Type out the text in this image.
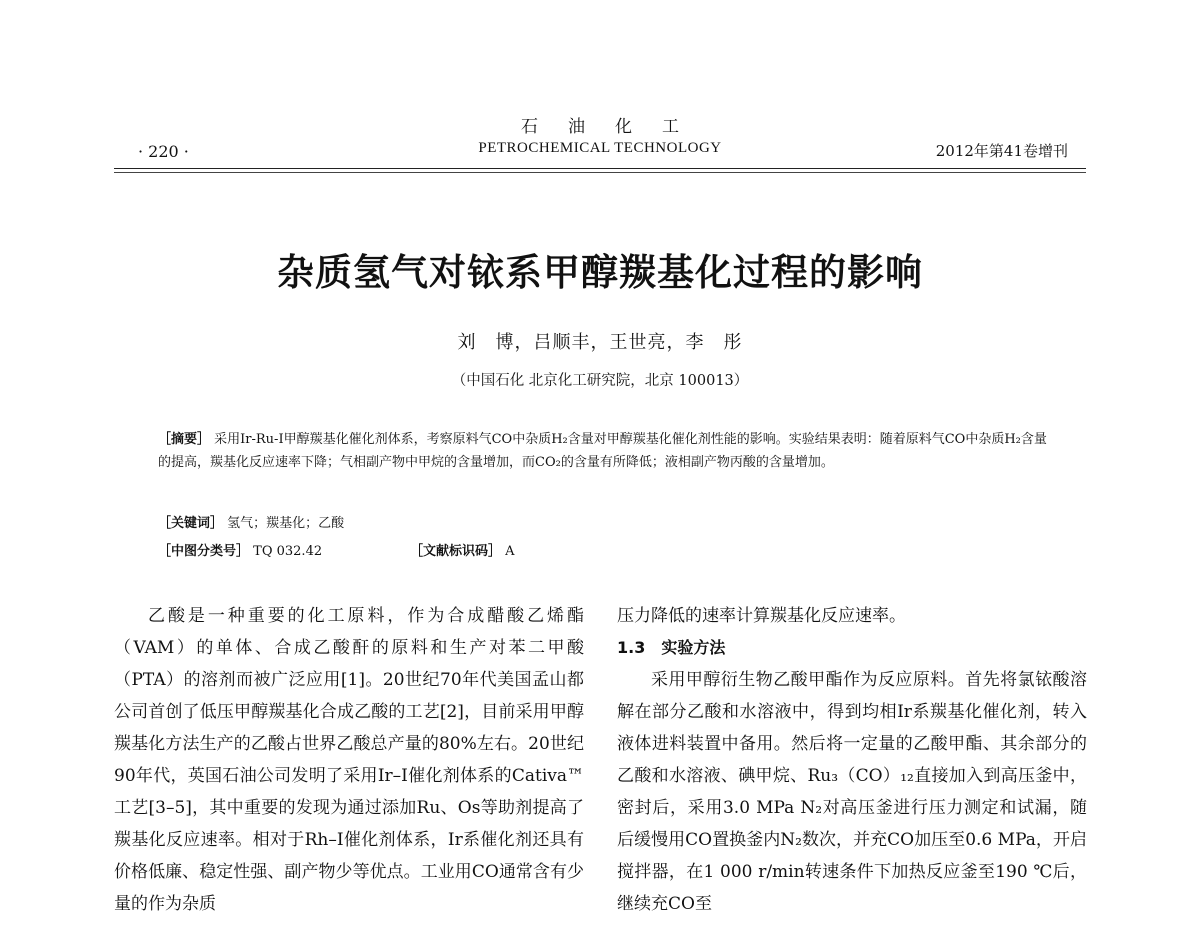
石油化工
· 220 ·	PETROCHEMICAL TECHNOLOGY	2012年第41卷增刊
杂质氢气对铱系甲醇羰基化过程的影响
刘　博，吕顺丰，王世亮，李　彤
（中国石化 北京化工研究院，北京 100013）
［摘要］ 采用Ir-Ru-I甲醇羰基化催化剂体系，考察原料气CO中杂质H₂含量对甲醇羰基化催化剂性能的影响。实验结果表明：随着原料气CO中杂质H₂含量的提高，羰基化反应速率下降；气相副产物中甲烷的含量增加，而CO₂的含量有所降低；液相副产物丙酸的含量增加。
［关键词］ 氢气；羰基化；乙酸
［中图分类号］ TQ 032.42	［文献标识码］ A
乙酸是一种重要的化工原料，作为合成醋酸乙烯酯（VAM）的单体、合成乙酸酐的原料和生产对苯二甲酸（PTA）的溶剂而被广泛应用[1]。20世纪70年代美国孟山都公司首创了低压甲醇羰基化合成乙酸的工艺[2]，目前采用甲醇羰基化方法生产的乙酸占世界乙酸总产量的80%左右。20世纪90年代，英国石油公司发明了采用Ir–I催化剂体系的Cativa™工艺[3–5]，其中重要的发现为通过添加Ru、Os等助剂提高了羰基化反应速率。相对于Rh–I催化剂体系，Ir系催化剂还具有价格低廉、稳定性强、副产物少等优点。工业用CO通常含有少量的作为杂质
压力降低的速率计算羰基化反应速率。
1.3　实验方法
采用甲醇衍生物乙酸甲酯作为反应原料。首先将氯铱酸溶解在部分乙酸和水溶液中，得到均相Ir系羰基化催化剂，转入液体进料装置中备用。然后将一定量的乙酸甲酯、其余部分的乙酸和水溶液、碘甲烷、Ru₃（CO）₁₂直接加入到高压釜中，密封后，采用3.0 MPa N₂对高压釜进行压力测定和试漏，随后缓慢用CO置换釜内N₂数次，并充CO加压至0.6 MPa，开启搅拌器，在1 000 r/min转速条件下加热反应釜至190 ℃后，继续充CO至
